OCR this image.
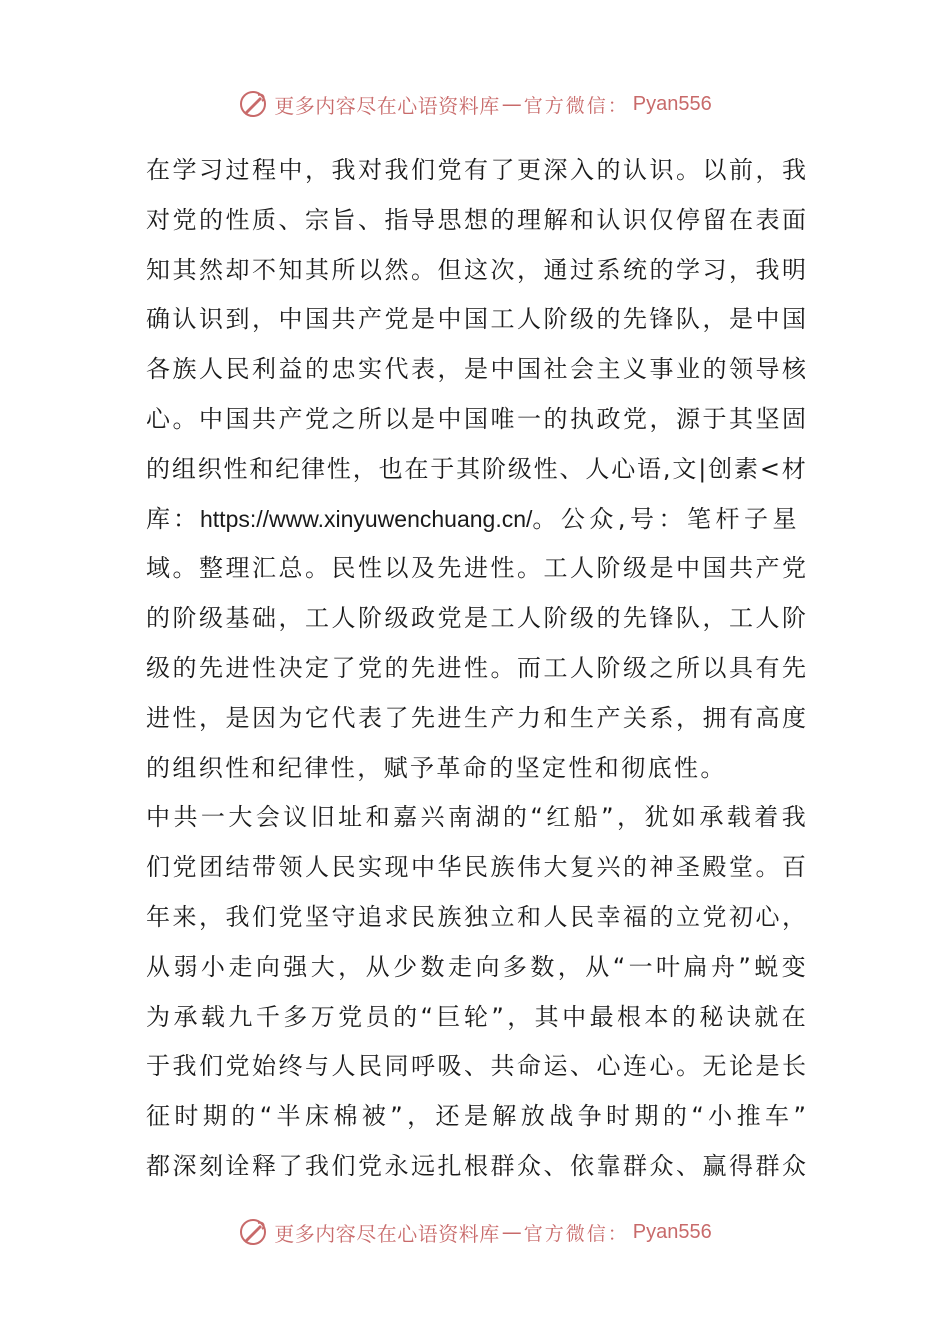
更多内容尽在心语资料库 — 官方微信： Pyan556
在 学 习 过 程 中 ， 我 对 我 们 党 有 了 更 深 入 的 认 识 。 以 前 ， 我
对 党 的 性 质 、 宗 旨 、 指 导 思 想 的 理 解 和 认 识 仅 停 留 在 表 面
知 其 然 却 不 知 其 所 以 然 。 但 这 次 ， 通 过 系 统 的 学 习 ， 我 明
确 认 识 到 ， 中 国 共 产 党 是 中 国 工 人 阶 级 的 先 锋 队 ， 是 中 国
各 族 人 民 利 益 的 忠 实 代 表 ， 是 中 国 社 会 主 义 事 业 的 领 导 核
心 。 中 国 共 产 党 之 所 以 是 中 国 唯 一 的 执 政 党 ， 源 于 其 坚 固
的 组 织 性 和 纪 律 性 ， 也 在 于 其 阶 级 性 、 人 心 语 , 文 | 创 素 < 材
库： https://www.xinyuwenchuang.cn/ 。公众,号：笔杆子星
域 。 整 理 汇 总 。 民 性 以 及 先 进 性 。 工 人 阶 级 是 中 国 共 产 党
的 阶 级 基 础 ， 工 人 阶 级 政 党 是 工 人 阶 级 的 先 锋 队 ， 工 人 阶
级 的 先 进 性 决 定 了 党 的 先 进 性 。 而 工 人 阶 级 之 所 以 具 有 先
进 性 ， 是 因 为 它 代 表 了 先 进 生 产 力 和 生 产 关 系 ， 拥 有 高 度
的组织性和纪律性，赋予革命的坚定性和彻底性。
中 共 一 大 会 议 旧 址 和 嘉 兴 南 湖 的 “ 红 船 ” ， 犹 如 承 载 着 我
们 党 团 结 带 领 人 民 实 现 中 华 民 族 伟 大 复 兴 的 神 圣 殿 堂 。 百
年 来 ， 我 们 党 坚 守 追 求 民 族 独 立 和 人 民 幸 福 的 立 党 初 心 ，
从 弱 小 走 向 强 大 ， 从 少 数 走 向 多 数 ， 从 “ 一 叶 扁 舟 ” 蜕 变
为 承 载 九 千 多 万 党 员 的 “ 巨 轮 ” ， 其 中 最 根 本 的 秘 诀 就 在
于 我 们 党 始 终 与 人 民 同 呼 吸 、 共 命 运 、 心 连 心 。 无 论 是 长
征 时 期 的 “ 半 床 棉 被 ” ， 还 是 解 放 战 争 时 期 的 “ 小 推 车 ”
都 深 刻 诠 释 了 我 们 党 永 远 扎 根 群 众 、 依 靠 群 众 、 赢 得 群 众
更多内容尽在心语资料库 — 官方微信： Pyan556
